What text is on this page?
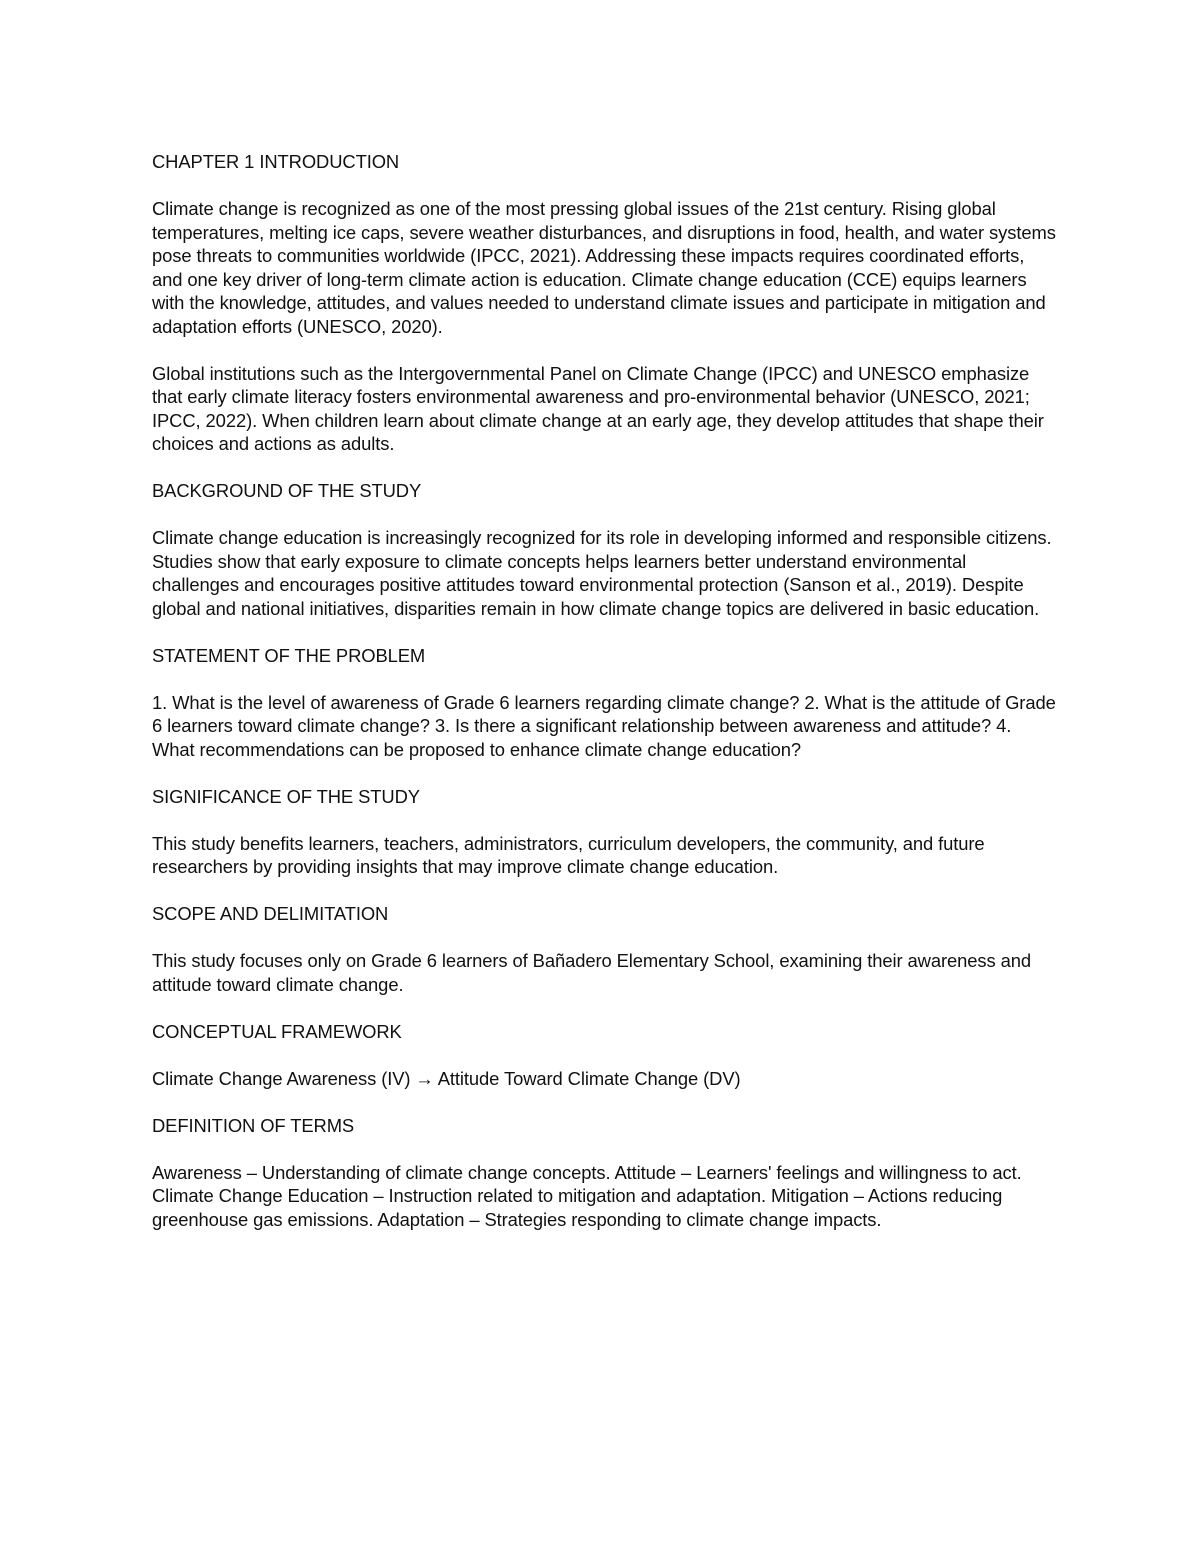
CHAPTER 1 INTRODUCTION

Climate change is recognized as one of the most pressing global issues of the 21st century. Rising global temperatures, melting ice caps, severe weather disturbances, and disruptions in food, health, and water systems pose threats to communities worldwide (IPCC, 2021). Addressing these impacts requires coordinated efforts, and one key driver of long-term climate action is education. Climate change education (CCE) equips learners with the knowledge, attitudes, and values needed to understand climate issues and participate in mitigation and adaptation efforts (UNESCO, 2020).

Global institutions such as the Intergovernmental Panel on Climate Change (IPCC) and UNESCO emphasize that early climate literacy fosters environmental awareness and pro-environmental behavior (UNESCO, 2021; IPCC, 2022). When children learn about climate change at an early age, they develop attitudes that shape their choices and actions as adults.

BACKGROUND OF THE STUDY

Climate change education is increasingly recognized for its role in developing informed and responsible citizens. Studies show that early exposure to climate concepts helps learners better understand environmental challenges and encourages positive attitudes toward environmental protection (Sanson et al., 2019). Despite global and national initiatives, disparities remain in how climate change topics are delivered in basic education.

STATEMENT OF THE PROBLEM

1. What is the level of awareness of Grade 6 learners regarding climate change? 2. What is the attitude of Grade 6 learners toward climate change? 3. Is there a significant relationship between awareness and attitude? 4. What recommendations can be proposed to enhance climate change education?

SIGNIFICANCE OF THE STUDY

This study benefits learners, teachers, administrators, curriculum developers, the community, and future researchers by providing insights that may improve climate change education.

SCOPE AND DELIMITATION

This study focuses only on Grade 6 learners of Bañadero Elementary School, examining their awareness and attitude toward climate change.

CONCEPTUAL FRAMEWORK

Climate Change Awareness (IV) → Attitude Toward Climate Change (DV)

DEFINITION OF TERMS

Awareness – Understanding of climate change concepts. Attitude – Learners' feelings and willingness to act. Climate Change Education – Instruction related to mitigation and adaptation. Mitigation – Actions reducing greenhouse gas emissions. Adaptation – Strategies responding to climate change impacts.
